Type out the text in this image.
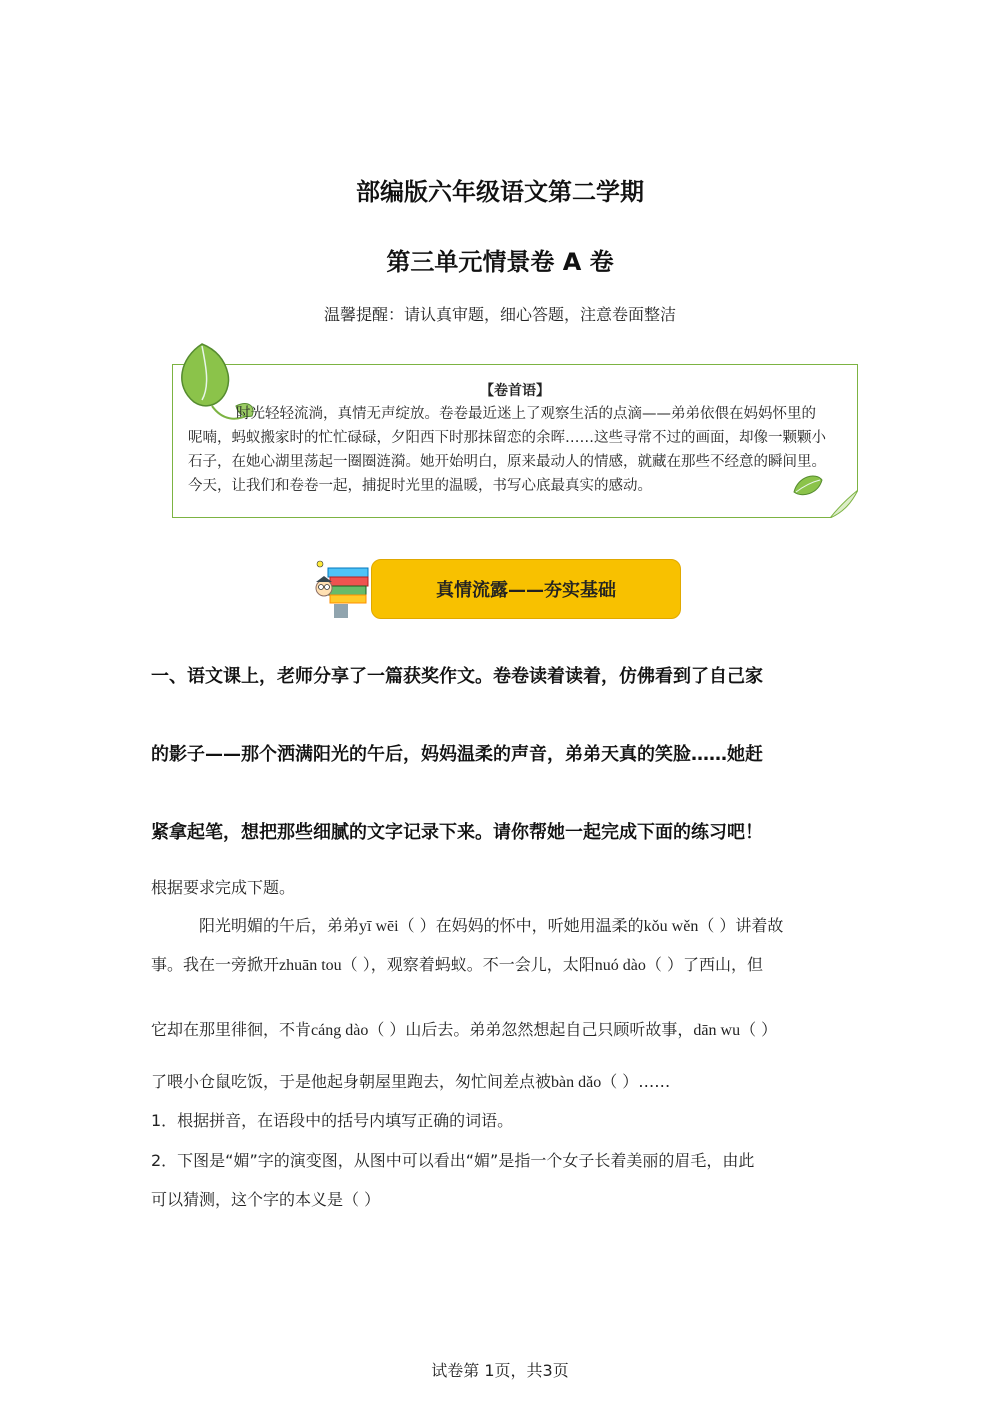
部编版六年级语文第二学期
第三单元情景卷 A 卷
温馨提醒：请认真审题，细心答题，注意卷面整洁
【卷首语】
时光轻轻流淌，真情无声绽放。卷卷最近迷上了观察生活的点滴——弟弟依偎在妈妈怀里的呢喃，蚂蚁搬家时的忙忙碌碌，夕阳西下时那抹留恋的余晖……这些寻常不过的画面，却像一颗颗小石子，在她心湖里荡起一圈圈涟漪。她开始明白，原来最动人的情感，就藏在那些不经意的瞬间里。今天，让我们和卷卷一起，捕捉时光里的温暖，书写心底最真实的感动。
真情流露——夯实基础
一、语文课上，老师分享了一篇获奖作文。卷卷读着读着，仿佛看到了自己家
的影子——那个洒满阳光的午后，妈妈温柔的声音，弟弟天真的笑脸……她赶
紧拿起笔，想把那些细腻的文字记录下来。请你帮她一起完成下面的练习吧！
根据要求完成下题。
阳光明媚的午后，弟弟yī wēi（ ）在妈妈的怀中，听她用温柔的kǒu wěn（ ）讲着故
事。我在一旁掀开zhuān tou（ ），观察着蚂蚁。不一会儿，太阳nuó dào（ ）了西山，但
它却在那里徘徊，不肯cáng dào（ ）山后去。弟弟忽然想起自己只顾听故事，dān wu（ ）
了喂小仓鼠吃饭，于是他起身朝屋里跑去，匆忙间差点被bàn dǎo（ ）……
1．根据拼音，在语段中的括号内填写正确的词语。
2．下图是“媚”字的演变图，从图中可以看出“媚”是指一个女子长着美丽的眉毛，由此
可以猜测，这个字的本义是（ ）
试卷第 1页，共3页
